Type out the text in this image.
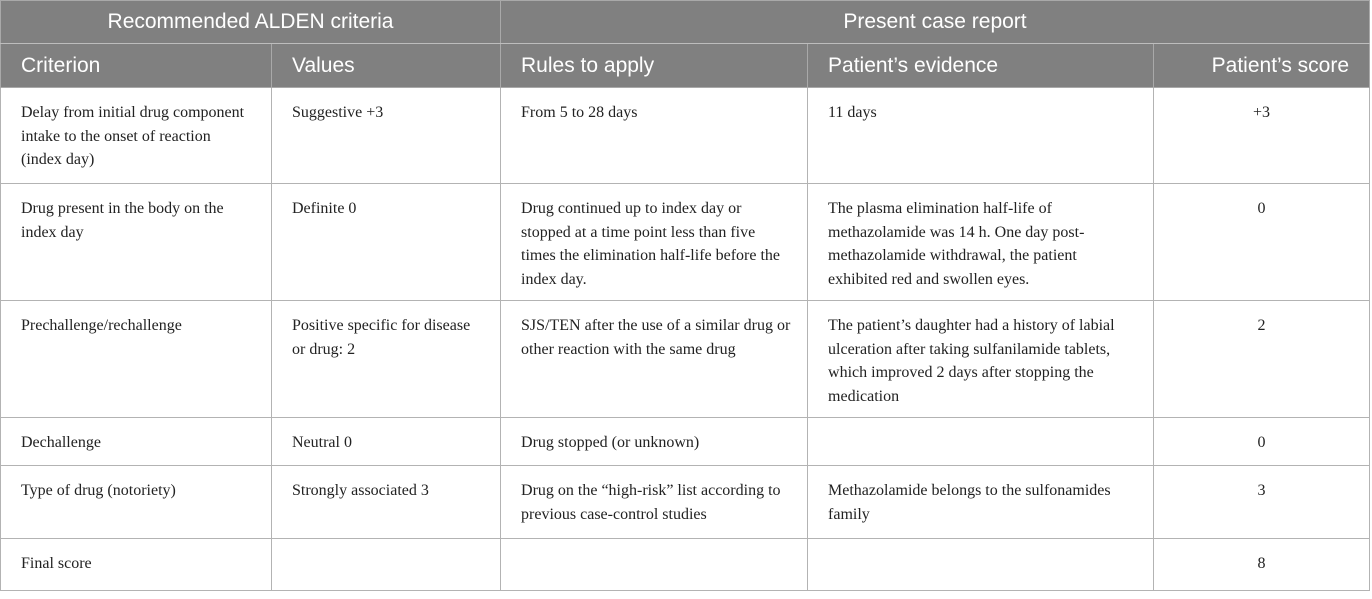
Recommended ALDEN criteria		Present case report		
Criterion	Values	Rules to apply	Patient’s evidence	Patient’s score
Delay from initial drug component intake to the onset of reaction (index day)	Suggestive +3	From 5 to 28 days	11 days	+3
Drug present in the body on the index day	Definite 0	Drug continued up to index day or stopped at a time point less than five times the elimination half-life before the index day.	The plasma elimination half-life of methazolamide was 14 h. One day post-methazolamide withdrawal, the patient exhibited red and swollen eyes.	0
Prechallenge/rechallenge	Positive specific for disease or drug: 2	SJS/TEN after the use of a similar drug or other reaction with the same drug	The patient’s daughter had a history of labial ulceration after taking sulfanilamide tablets, which improved 2 days after stopping the medication	2
Dechallenge	Neutral 0	Drug stopped (or unknown)		0
Type of drug (notoriety)	Strongly associated 3	Drug on the “high-risk” list according to previous case-control studies	Methazolamide belongs to the sulfonamides family	3
Final score				8
